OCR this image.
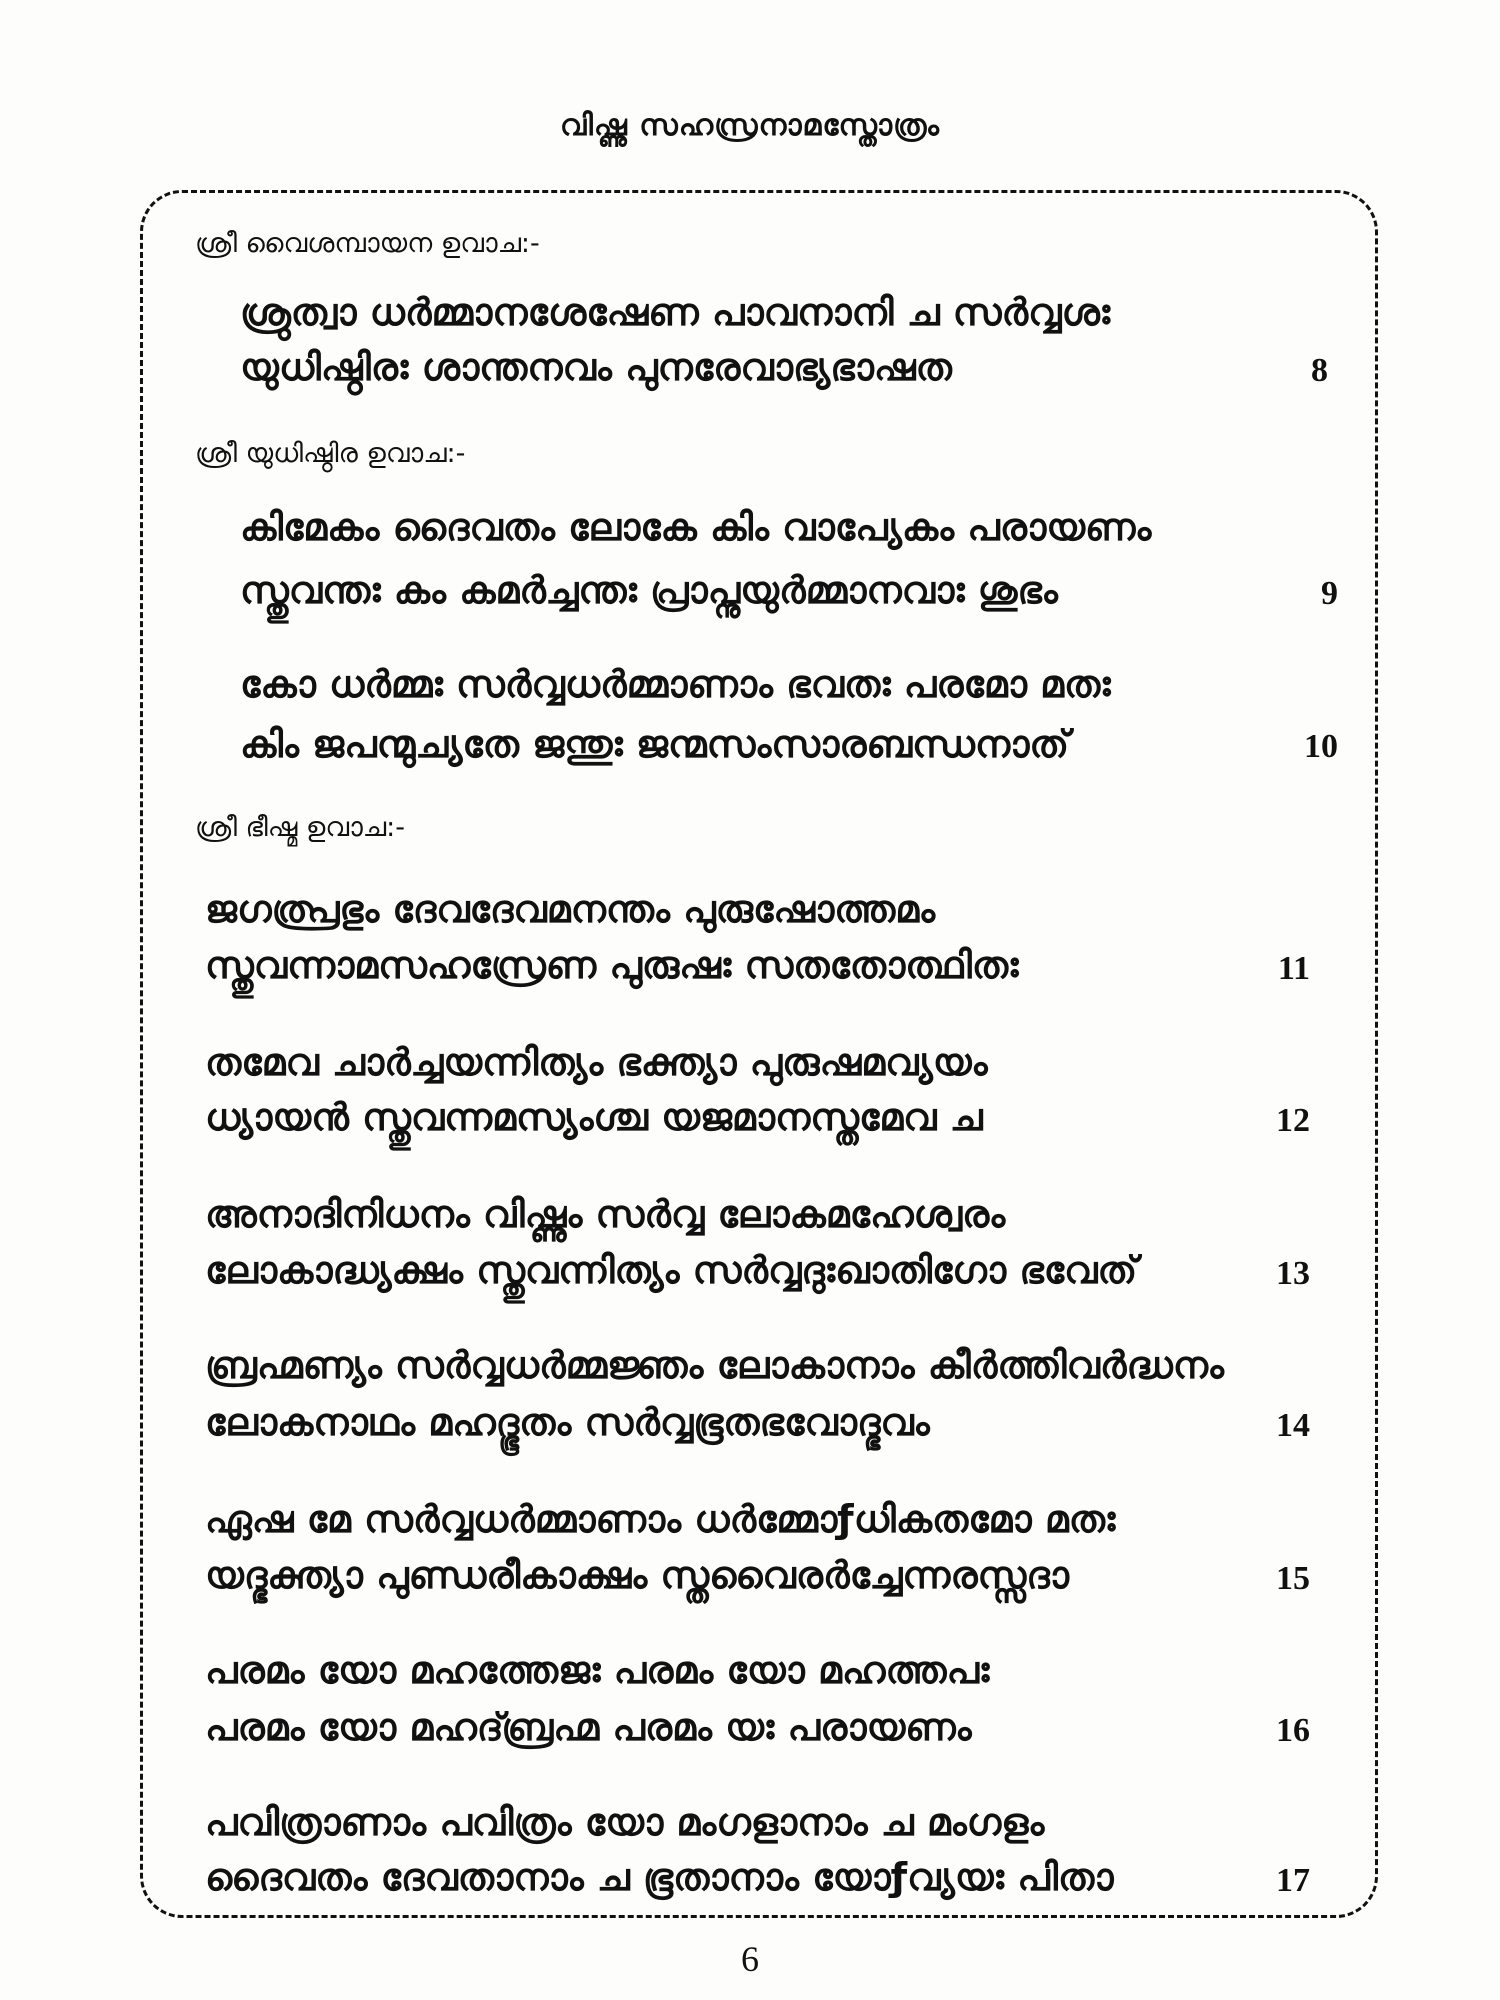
വിഷ്ണു സഹസ്രനാമസ്തോത്രം
ശ്രീ വൈശമ്പായന ഉവാച:-
ശ്രുത്വാ ധർമ്മാനശേഷേണ പാവനാനി ച സർവ്വശഃ
യുധിഷ്ഠിരഃ ശാന്തനവം പുനരേവാഭ്യഭാഷത	8
ശ്രീ യുധിഷ്ഠിര ഉവാച:-
കിമേകം ദൈവതം ലോകേ കിം വാപ്യേകം പരായണം
സ്തുവന്തഃ കം കമർച്ചന്തഃ പ്രാപ്നുയുർമ്മാനവാഃ ശുഭം	9
കോ ധർമ്മഃ സർവ്വധർമ്മാണാം ഭവതഃ പരമോ മതഃ
കിം ജപന്മുച്യതേ ജന്തുഃ ജന്മസംസാരബന്ധനാത്	10
ശ്രീ ഭീഷ്മ ഉവാച:-
ജഗത്പ്രഭും ദേവദേവമനന്തം പുരുഷോത്തമം
സ്തുവന്നാമസഹസ്രേണ പുരുഷഃ സതതോത്ഥിതഃ	11
തമേവ ചാർച്ചയന്നിത്യം ഭക്ത്യാ പുരുഷമവ്യയം
ധ്യായൻ സ്തുവന്നമസ്യംശ്ച യജമാനസ്തമേവ ച	12
അനാദിനിധനം വിഷ്ണും സർവ്വ ലോകമഹേശ്വരം
ലോകാദ്ധ്യക്ഷം സ്തുവന്നിത്യം സർവ്വദുഃഖാതിഗോ ഭവേത്	13
ബ്രഹ്മണ്യം സർവ്വധർമ്മജ്ഞം ലോകാനാം കീർത്തിവർദ്ധനം
ലോകനാഥം മഹദ്ഭൂതം സർവ്വഭൂതഭവോദ്ഭവം	14
ഏഷ മേ സർവ്വധർമ്മാണാം ധർമ്മോƒധികതമോ മതഃ
യദ്ഭക്ത്യാ പുണ്ഡരീകാക്ഷം സ്തവൈരർച്ചേന്നരസ്സദാ	15
പരമം യോ മഹത്തേജഃ പരമം യോ മഹത്തപഃ
പരമം യോ മഹദ്ബ്രഹ്മ പരമം യഃ പരായണം	16
പവിത്രാണാം പവിത്രം യോ മംഗളാനാം ച മംഗളം
ദൈവതം ദേവതാനാം ച ഭൂതാനാം യോƒവ്യയഃ പിതാ	17
6
